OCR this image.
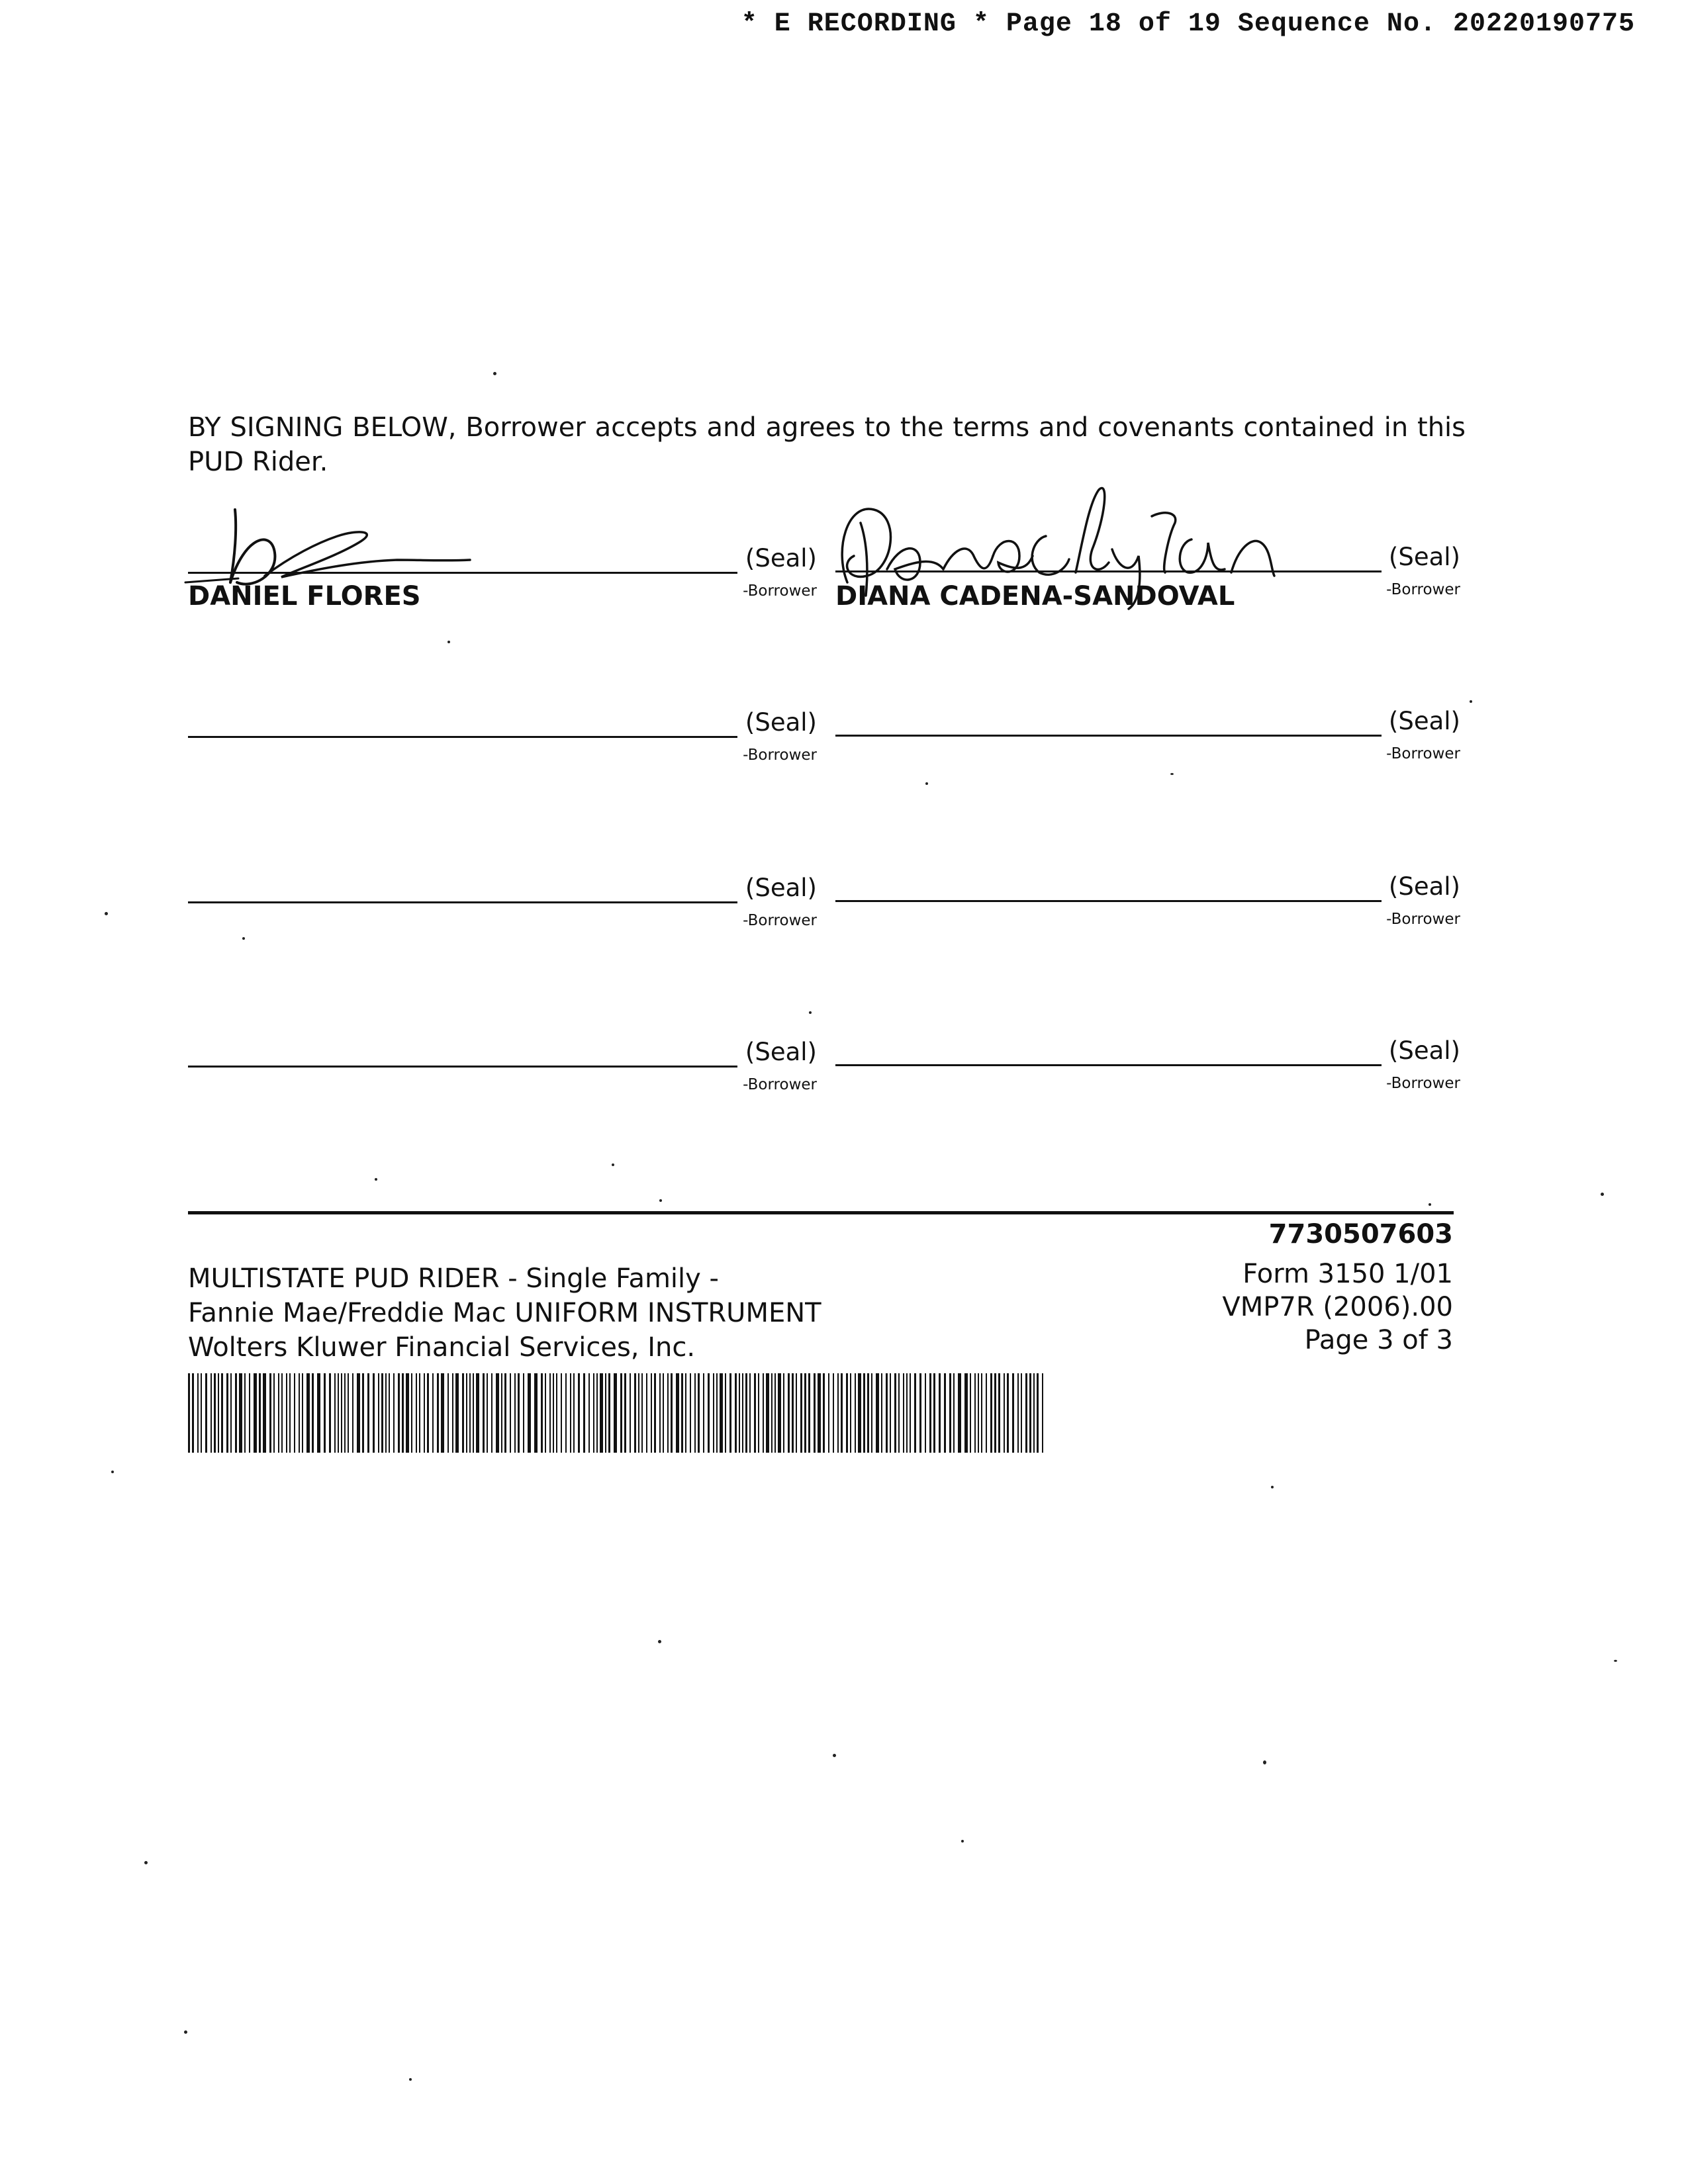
* E RECORDING * Page 18 of 19 Sequence No. 20220190775
BY SIGNING BELOW, Borrower accepts and agrees to the terms and covenants contained in this PUD Rider.
(Seal)
-Borrower
DANIEL FLORES
(Seal)
-Borrower
DIANA CADENA-SANDOVAL
(Seal)
-Borrower
(Seal)
-Borrower
(Seal)
-Borrower
(Seal)
-Borrower
(Seal)
-Borrower
(Seal)
-Borrower
7730507603
MULTISTATE PUD RIDER - Single Family -
Fannie Mae/Freddie Mac UNIFORM INSTRUMENT
Wolters Kluwer Financial Services, Inc.
Form 3150 1/01
VMP7R (2006).00
Page 3 of 3
